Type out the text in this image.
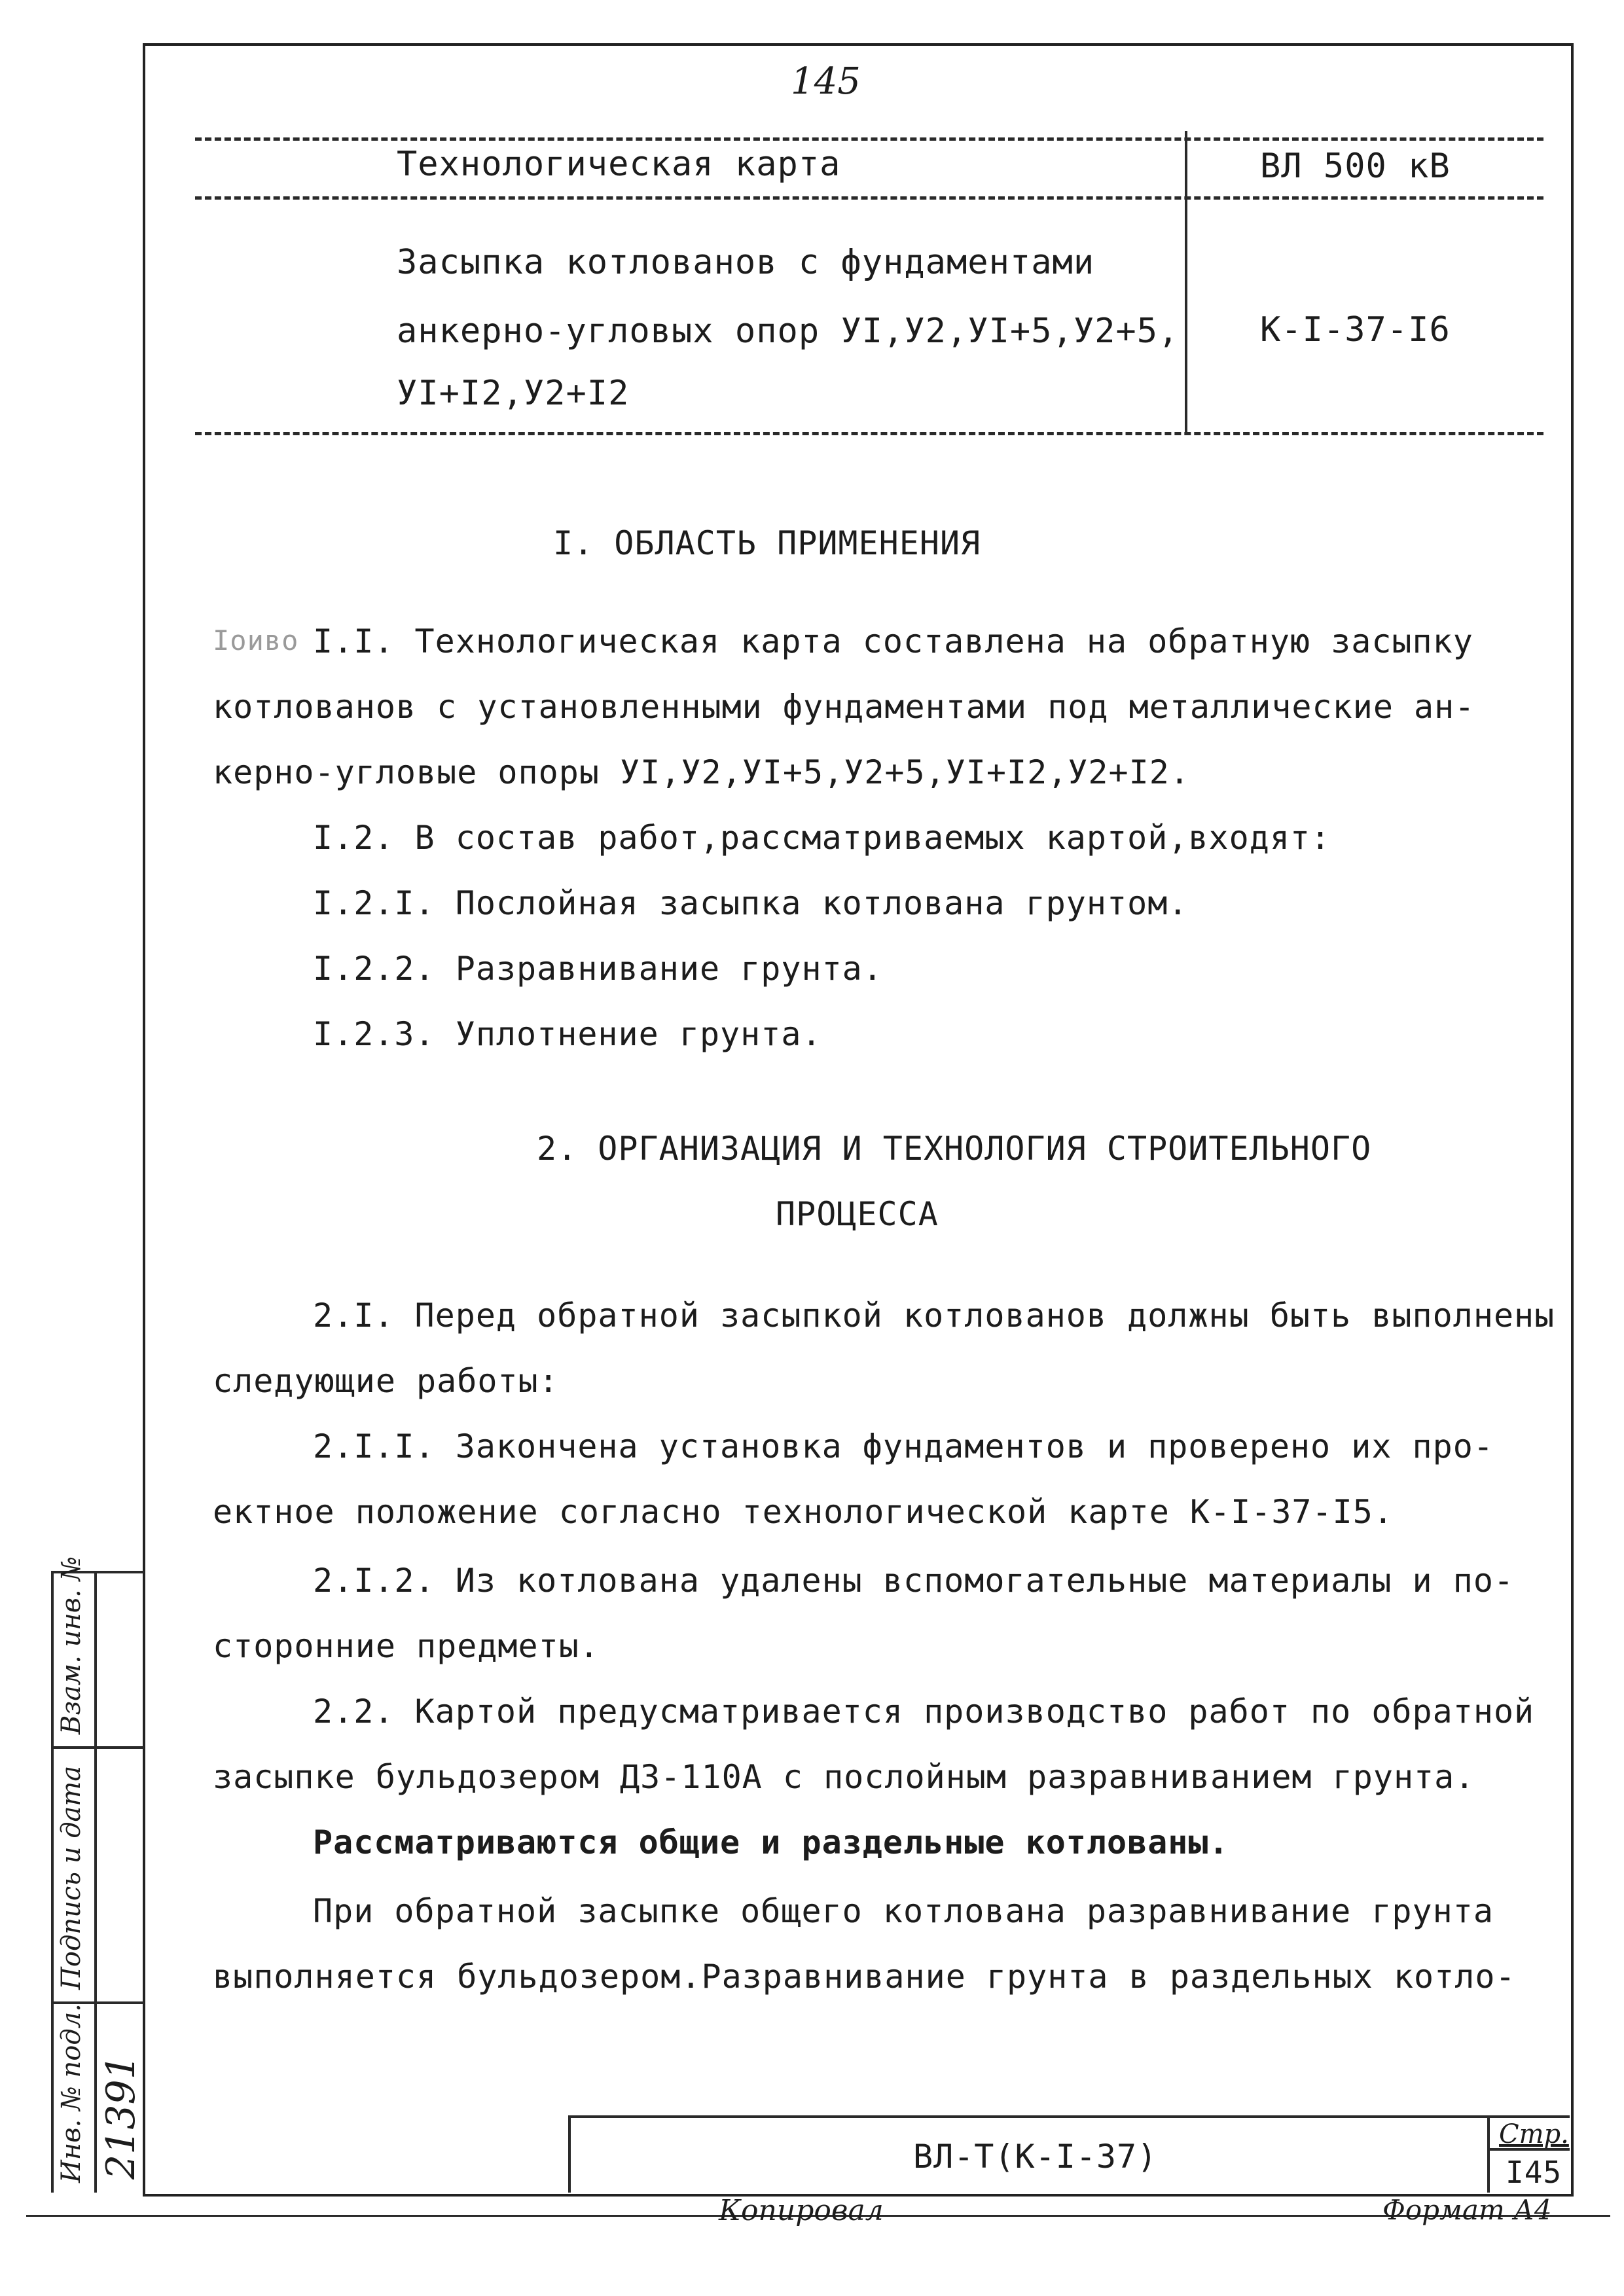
145
Технологическая карта	ВЛ 500 кВ
Засыпка котлованов с фундаментами
анкерно-угловых опор УI,У2,УI+5,У2+5,
УI+I2,У2+I2
К-I-37-I6
I. ОБЛАСТЬ ПРИМЕНЕНИЯ
Iоиво I.I. Технологическая карта составлена на обратную засыпку
котлованов с установленными фундаментами под металлические ан-
керно-угловые опоры УI,У2,УI+5,У2+5,УI+I2,У2+I2.
I.2. В состав работ,рассматриваемых картой,входят:
I.2.I. Послойная засыпка котлована грунтом.
I.2.2. Разравнивание грунта.
I.2.3. Уплотнение грунта.
2. ОРГАНИЗАЦИЯ И ТЕХНОЛОГИЯ СТРОИТЕЛЬНОГО
ПРОЦЕССА
2.I. Перед обратной засыпкой котлованов должны быть выполнены
следующие работы:
2.I.I. Закончена установка фундаментов и проверено их про-
ектное положение согласно технологической карте К-I-37-I5.
2.I.2. Из котлована удалены вспомогательные материалы и по-
сторонние предметы.
2.2. Картой предусматривается производство работ по обратной
засыпке бульдозером ДЗ-110А с послойным разравниванием грунта.
Рассматриваются общие и раздельные котлованы.
При обратной засыпке общего котлована разравнивание грунта
выполняется бульдозером.Разравнивание грунта в раздельных котло-
ВЛ-Т(К-I-37)
Стр.
I45
Копировал	Формат А4
Взам. инв. №
Подпись и дата
Инв. № подл. 21391
